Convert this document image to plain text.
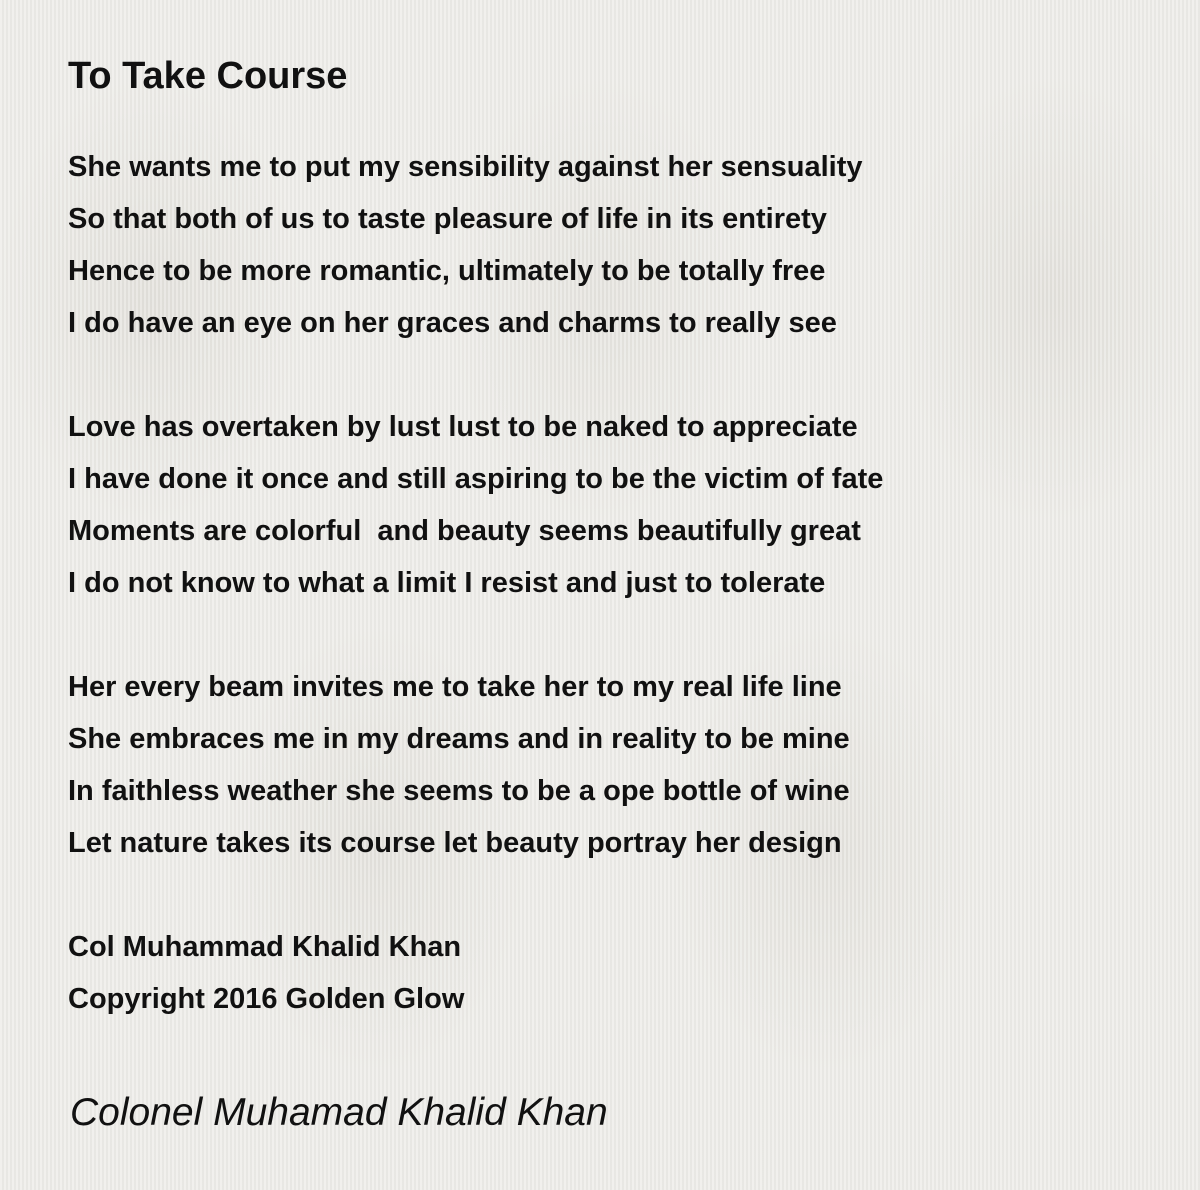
To Take Course
She wants me to put my sensibility against her sensuality
So that both of us to taste pleasure of life in its entirety
Hence to be more romantic, ultimately to be totally free
I do have an eye on her graces and charms to really see
Love has overtaken by lust lust to be naked to appreciate
I have done it once and still aspiring to be the victim of fate
Moments are colorful  and beauty seems beautifully great
I do not know to what a limit I resist and just to tolerate
Her every beam invites me to take her to my real life line
She embraces me in my dreams and in reality to be mine
In faithless weather she seems to be a ope bottle of wine
Let nature takes its course let beauty portray her design
Col Muhammad Khalid Khan
Copyright 2016 Golden Glow
Colonel Muhamad Khalid Khan
